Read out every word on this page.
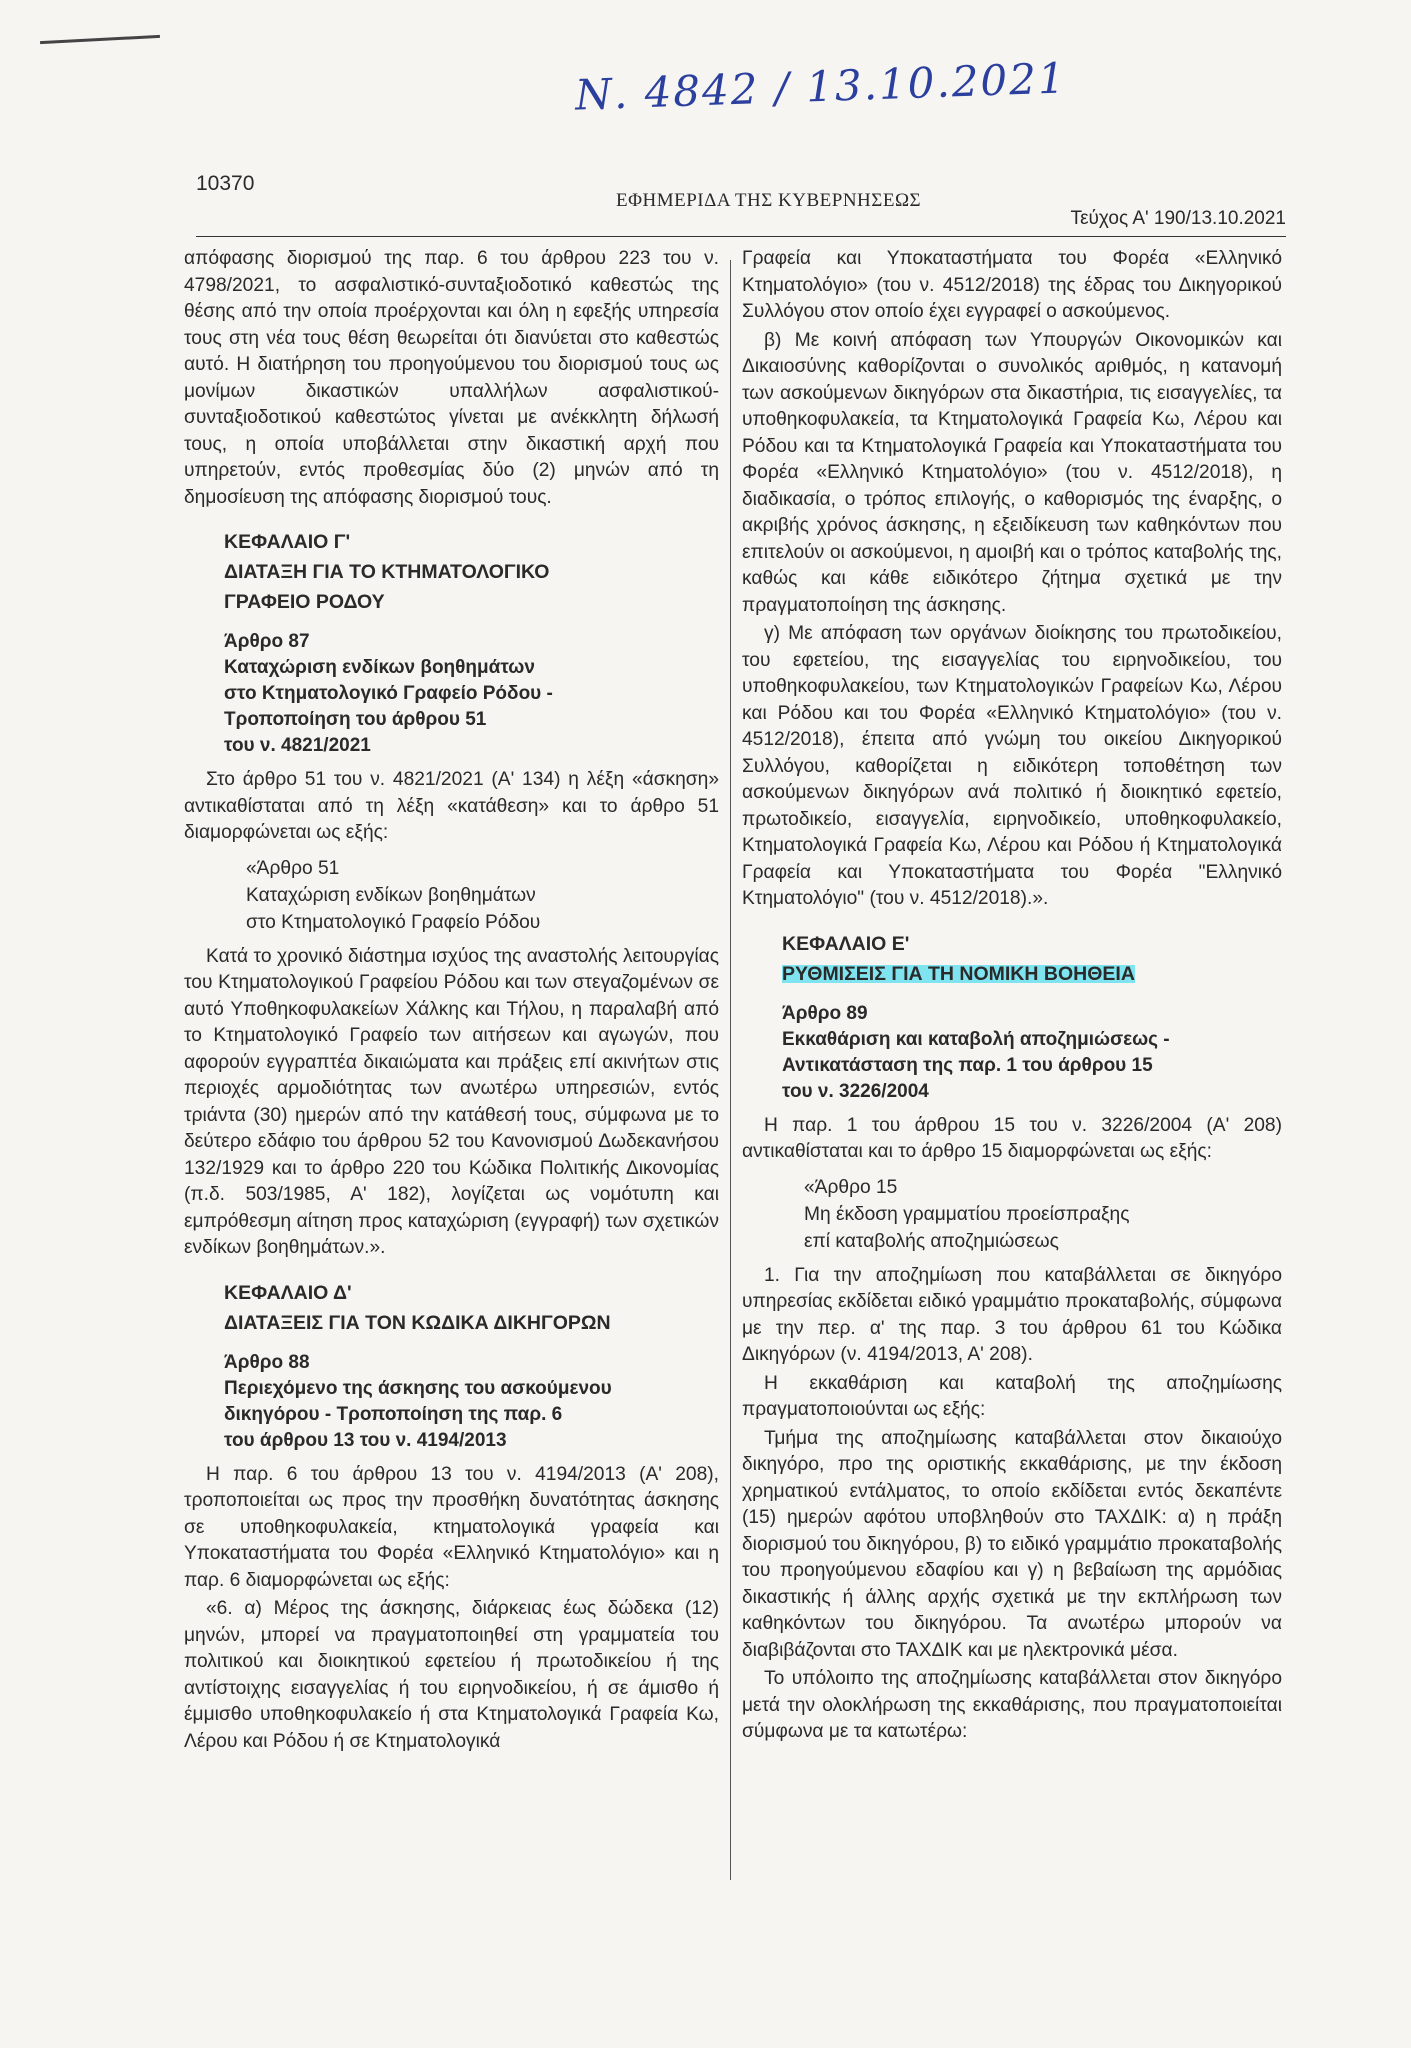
Ν. 4842 / 13.10.2021
10370
ΕΦΗΜΕΡΙΔΑ ΤΗΣ ΚΥΒΕΡΝΗΣΕΩΣ
Τεύχος Α' 190/13.10.2021

απόφασης διορισμού της παρ. 6 του άρθρου 223 του ν. 4798/2021, το ασφαλιστικό-συνταξιοδοτικό καθεστώς της θέσης από την οποία προέρχονται και όλη η εφεξής υπηρεσία τους στη νέα τους θέση θεωρείται ότι διανύεται στο καθεστώς αυτό. Η διατήρηση του προηγούμενου του διορισμού τους ως μονίμων δικαστικών υπαλλήλων ασφαλιστικού-συνταξιοδοτικού καθεστώτος γίνεται με ανέκκλητη δήλωσή τους, η οποία υποβάλλεται στην δικαστική αρχή που υπηρετούν, εντός προθεσμίας δύο (2) μηνών από τη δημοσίευση της απόφασης διορισμού τους.

ΚΕΦΑΛΑΙΟ Γ'
ΔΙΑΤΑΞΗ ΓΙΑ ΤΟ ΚΤΗΜΑΤΟΛΟΓΙΚΟ
ΓΡΑΦΕΙΟ ΡΟΔΟΥ
Άρθρο 87
Καταχώριση ενδίκων βοηθημάτων
στο Κτηματολογικό Γραφείο Ρόδου -
Τροποποίηση του άρθρου 51
του ν. 4821/2021

Στο άρθρο 51 του ν. 4821/2021 (Α' 134) η λέξη «άσκηση» αντικαθίσταται από τη λέξη «κατάθεση» και το άρθρο 51 διαμορφώνεται ως εξής:

«Άρθρο 51
Καταχώριση ενδίκων βοηθημάτων
στο Κτηματολογικό Γραφείο Ρόδου

Κατά το χρονικό διάστημα ισχύος της αναστολής λειτουργίας του Κτηματολογικού Γραφείου Ρόδου και των στεγαζομένων σε αυτό Υποθηκοφυλακείων Χάλκης και Τήλου, η παραλαβή από το Κτηματολογικό Γραφείο των αιτήσεων και αγωγών, που αφορούν εγγραπτέα δικαιώματα και πράξεις επί ακινήτων στις περιοχές αρμοδιότητας των ανωτέρω υπηρεσιών, εντός τριάντα (30) ημερών από την κατάθεσή τους, σύμφωνα με το δεύτερο εδάφιο του άρθρου 52 του Κανονισμού Δωδεκανήσου 132/1929 και το άρθρο 220 του Κώδικα Πολιτικής Δικονομίας (π.δ. 503/1985, Α' 182), λογίζεται ως νομότυπη και εμπρόθεσμη αίτηση προς καταχώριση (εγγραφή) των σχετικών ενδίκων βοηθημάτων.».

ΚΕΦΑΛΑΙΟ Δ'
ΔΙΑΤΑΞΕΙΣ ΓΙΑ ΤΟΝ ΚΩΔΙΚΑ ΔΙΚΗΓΟΡΩΝ
Άρθρο 88
Περιεχόμενο της άσκησης του ασκούμενου
δικηγόρου - Τροποποίηση της παρ. 6
του άρθρου 13 του ν. 4194/2013

Η παρ. 6 του άρθρου 13 του ν. 4194/2013 (Α' 208), τροποποιείται ως προς την προσθήκη δυνατότητας άσκησης σε υποθηκοφυλακεία, κτηματολογικά γραφεία και Υποκαταστήματα του Φορέα «Ελληνικό Κτηματολόγιο» και η παρ. 6 διαμορφώνεται ως εξής:

«6. α) Μέρος της άσκησης, διάρκειας έως δώδεκα (12) μηνών, μπορεί να πραγματοποιηθεί στη γραμματεία του πολιτικού και διοικητικού εφετείου ή πρωτοδικείου ή της αντίστοιχης εισαγγελίας ή του ειρηνοδικείου, ή σε άμισθο ή έμμισθο υποθηκοφυλακείο ή στα Κτηματολογικά Γραφεία Κω, Λέρου και Ρόδου ή σε Κτηματολογικά

Γραφεία και Υποκαταστήματα του Φορέα «Ελληνικό Κτηματολόγιο» (του ν. 4512/2018) της έδρας του Δικηγορικού Συλλόγου στον οποίο έχει εγγραφεί ο ασκούμενος.

β) Με κοινή απόφαση των Υπουργών Οικονομικών και Δικαιοσύνης καθορίζονται ο συνολικός αριθμός, η κατανομή των ασκούμενων δικηγόρων στα δικαστήρια, τις εισαγγελίες, τα υποθηκοφυλακεία, τα Κτηματολογικά Γραφεία Κω, Λέρου και Ρόδου και τα Κτηματολογικά Γραφεία και Υποκαταστήματα του Φορέα «Ελληνικό Κτηματολόγιο» (του ν. 4512/2018), η διαδικασία, ο τρόπος επιλογής, ο καθορισμός της έναρξης, ο ακριβής χρόνος άσκησης, η εξειδίκευση των καθηκόντων που επιτελούν οι ασκούμενοι, η αμοιβή και ο τρόπος καταβολής της, καθώς και κάθε ειδικότερο ζήτημα σχετικά με την πραγματοποίηση της άσκησης.

γ) Με απόφαση των οργάνων διοίκησης του πρωτοδικείου, του εφετείου, της εισαγγελίας του ειρηνοδικείου, του υποθηκοφυλακείου, των Κτηματολογικών Γραφείων Κω, Λέρου και Ρόδου και του Φορέα «Ελληνικό Κτηματολόγιο» (του ν. 4512/2018), έπειτα από γνώμη του οικείου Δικηγορικού Συλλόγου, καθορίζεται η ειδικότερη τοποθέτηση των ασκούμενων δικηγόρων ανά πολιτικό ή διοικητικό εφετείο, πρωτοδικείο, εισαγγελία, ειρηνοδικείο, υποθηκοφυλακείο, Κτηματολογικά Γραφεία Κω, Λέρου και Ρόδου ή Κτηματολογικά Γραφεία και Υποκαταστήματα του Φορέα "Ελληνικό Κτηματολόγιο" (του ν. 4512/2018).».

ΚΕΦΑΛΑΙΟ Ε'
ΡΥΘΜΙΣΕΙΣ ΓΙΑ ΤΗ ΝΟΜΙΚΗ ΒΟΗΘΕΙΑ
Άρθρο 89
Εκκαθάριση και καταβολή αποζημιώσεως -
Αντικατάσταση της παρ. 1 του άρθρου 15
του ν. 3226/2004

Η παρ. 1 του άρθρου 15 του ν. 3226/2004 (Α' 208) αντικαθίσταται και το άρθρο 15 διαμορφώνεται ως εξής:

«Άρθρο 15
Μη έκδοση γραμματίου προείσπραξης
επί καταβολής αποζημιώσεως

1. Για την αποζημίωση που καταβάλλεται σε δικηγόρο υπηρεσίας εκδίδεται ειδικό γραμμάτιο προκαταβολής, σύμφωνα με την περ. α' της παρ. 3 του άρθρου 61 του Κώδικα Δικηγόρων (ν. 4194/2013, Α' 208).

Η εκκαθάριση και καταβολή της αποζημίωσης πραγματοποιούνται ως εξής:

Τμήμα της αποζημίωσης καταβάλλεται στον δικαιούχο δικηγόρο, προ της οριστικής εκκαθάρισης, με την έκδοση χρηματικού εντάλματος, το οποίο εκδίδεται εντός δεκαπέντε (15) ημερών αφότου υποβληθούν στο ΤΑΧΔΙΚ: α) η πράξη διορισμού του δικηγόρου, β) το ειδικό γραμμάτιο προκαταβολής του προηγούμενου εδαφίου και γ) η βεβαίωση της αρμόδιας δικαστικής ή άλλης αρχής σχετικά με την εκπλήρωση των καθηκόντων του δικηγόρου. Τα ανωτέρω μπορούν να διαβιβάζονται στο ΤΑΧΔΙΚ και με ηλεκτρονικά μέσα.

Το υπόλοιπο της αποζημίωσης καταβάλλεται στον δικηγόρο μετά την ολοκλήρωση της εκκαθάρισης, που πραγματοποιείται σύμφωνα με τα κατωτέρω:
